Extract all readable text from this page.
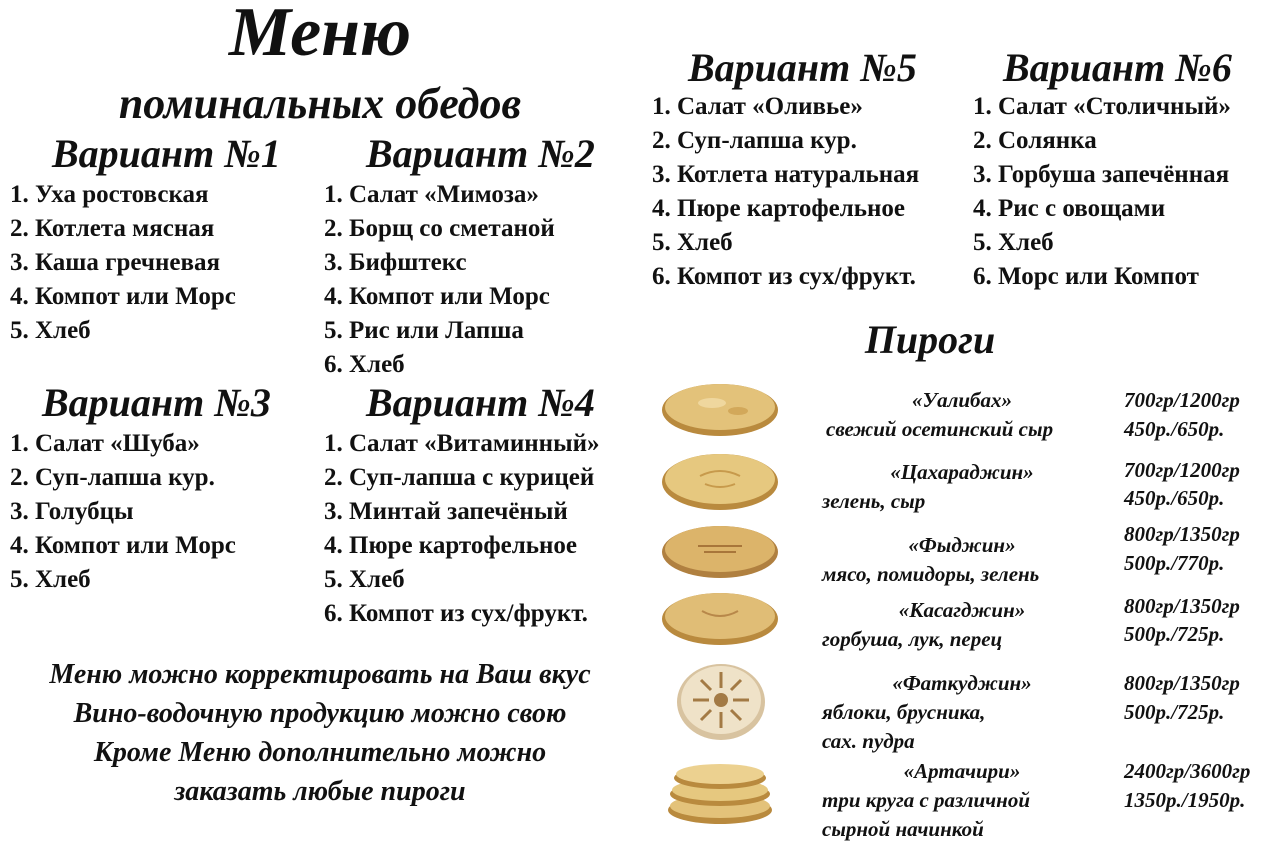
Меню
поминальных обедов
Вариант №1
1. Уха ростовская
2. Котлета мясная
3. Каша гречневая
4. Компот или Морс
5. Хлеб
Вариант №2
1. Салат «Мимоза»
2. Борщ со сметаной
3. Бифштекс
4. Компот или Морс
5. Рис или Лапша
6. Хлеб
Вариант №3
1. Салат «Шуба»
2. Суп-лапша кур.
3. Голубцы
4. Компот или Морс
5. Хлеб
Вариант №4
1. Салат «Витаминный»
2. Суп-лапша с курицей
3. Минтай запечёный
4. Пюре картофельное
5. Хлеб
6. Компот из сух/фрукт.
Вариант №5
1. Салат «Оливье»
2. Суп-лапша кур.
3. Котлета натуральная
4. Пюре картофельное
5. Хлеб
6. Компот из сух/фрукт.
Вариант №6
1. Салат «Столичный»
2. Солянка
3. Горбуша запечённая
4. Рис с овощами
5. Хлеб
6. Морс или Компот
Меню можно корректировать на Ваш вкус
Вино-водочную продукцию можно свою
Кроме Меню дополнительно можно
заказать любые пироги
Пироги
«Уалибах»
свежий осетинский сыр
700гр/1200гр
450р./650р.
«Цахараджин»
зелень, сыр
700гр/1200гр
450р./650р.
«Фыджин»
мясо, помидоры, зелень
800гр/1350гр
500р./770р.
«Касагджин»
горбуша, лук, перец
800гр/1350гр
500р./725р.
«Фаткуджин»
яблоки, брусника,
сах. пудра
800гр/1350гр
500р./725р.
«Артачири»
три круга с различной
сырной начинкой
2400гр/3600гр
1350р./1950р.
